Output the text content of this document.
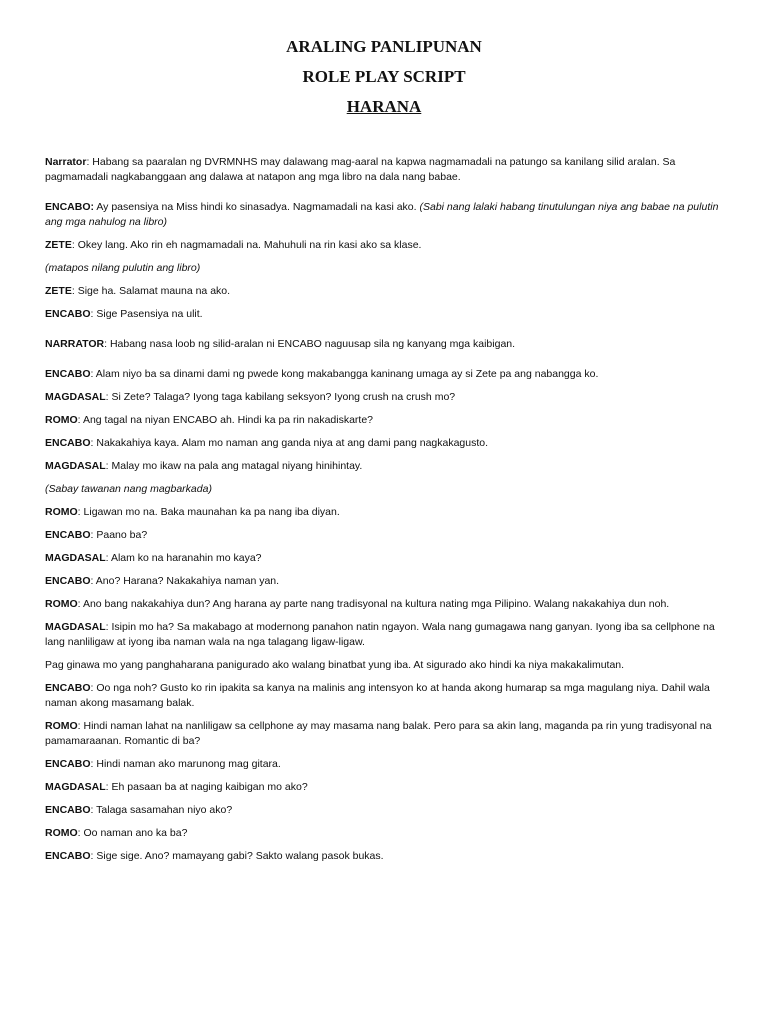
ARALING PANLIPUNAN
ROLE PLAY SCRIPT
HARANA

Narrator: Habang sa paaralan ng DVRMNHS may dalawang mag-aaral na kapwa nagmamadali na patungo sa kanilang silid aralan. Sa pagmamadali nagkabanggaan ang dalawa at natapon ang mga libro na dala nang babae.

ENCABO: Ay pasensiya na Miss hindi ko sinasadya. Nagmamadali na kasi ako. (Sabi nang lalaki habang tinutulungan niya ang babae na pulutin ang mga nahulog na libro)

ZETE: Okey lang. Ako rin eh nagmamadali na. Mahuhuli na rin kasi ako sa klase.

(matapos nilang pulutin ang libro)

ZETE: Sige ha. Salamat mauna na ako.

ENCABO: Sige Pasensiya na ulit.

NARRATOR: Habang nasa loob ng silid-aralan ni ENCABO naguusap sila ng kanyang mga kaibigan.

ENCABO: Alam niyo ba sa dinami dami ng pwede kong makabangga kaninang umaga ay si Zete pa ang nabangga ko.

MAGDASAL: Si Zete? Talaga? Iyong taga kabilang seksyon? Iyong crush na crush mo?

ROMO: Ang tagal na niyan ENCABO ah. Hindi ka pa rin nakadiskarte?

ENCABO: Nakakahiya kaya. Alam mo naman ang ganda niya at ang dami pang nagkakagusto.

MAGDASAL: Malay mo ikaw na pala ang matagal niyang hinihintay.

(Sabay tawanan nang magbarkada)

ROMO: Ligawan mo na. Baka maunahan ka pa nang iba diyan.

ENCABO: Paano ba?

MAGDASAL: Alam ko na haranahin mo kaya?

ENCABO: Ano? Harana? Nakakahiya naman yan.

ROMO: Ano bang nakakahiya dun? Ang harana ay parte nang tradisyonal na kultura nating mga Pilipino. Walang nakakahiya dun noh.

MAGDASAL: Isipin mo ha? Sa makabago at modernong panahon natin ngayon. Wala nang gumagawa nang ganyan. Iyong iba sa cellphone na lang nanliligaw at iyong iba naman wala na nga talagang ligaw-ligaw.

Pag ginawa mo yang panghaharana panigurado ako walang binatbat yung iba. At sigurado ako hindi ka niya makakalimutan.

ENCABO: Oo nga noh? Gusto ko rin ipakita sa kanya na malinis ang intensyon ko at handa akong humarap sa mga magulang niya. Dahil wala naman akong masamang balak.

ROMO: Hindi naman lahat na nanliligaw sa cellphone ay may masama nang balak. Pero para sa akin lang, maganda pa rin yung tradisyonal na pamamaraanan. Romantic di ba?

ENCABO: Hindi naman ako marunong mag gitara.

MAGDASAL: Eh pasaan ba at naging kaibigan mo ako?

ENCABO: Talaga sasamahan niyo ako?

ROMO: Oo naman ano ka ba?

ENCABO: Sige sige. Ano? mamayang gabi? Sakto walang pasok bukas.
